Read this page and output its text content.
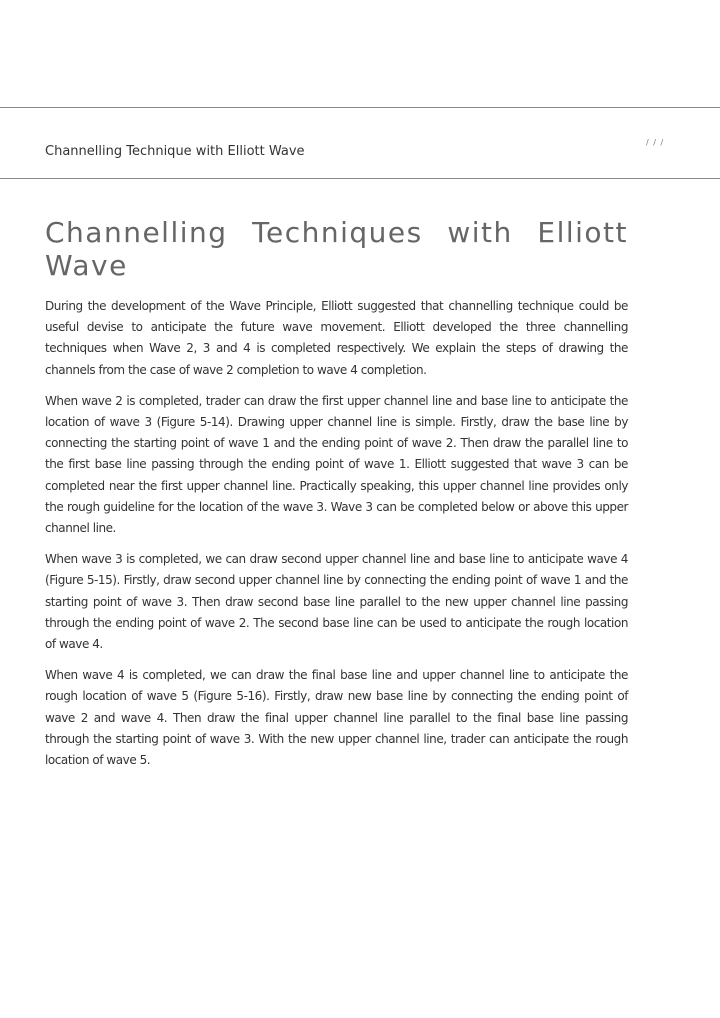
/ / /
Channelling Technique with Elliott Wave
Channelling Techniques with Elliott Wave

During the development of the Wave Principle, Elliott suggested that channelling technique could be useful devise to anticipate the future wave movement. Elliott developed the three channelling techniques when Wave 2, 3 and 4 is completed respectively. We explain the steps of drawing the channels from the case of wave 2 completion to wave 4 completion.

When wave 2 is completed, trader can draw the first upper channel line and base line to anticipate the location of wave 3 (Figure 5-14). Drawing upper channel line is simple. Firstly, draw the base line by connecting the starting point of wave 1 and the ending point of wave 2. Then draw the parallel line to the first base line passing through the ending point of wave 1. Elliott suggested that wave 3 can be completed near the first upper channel line. Practically speaking, this upper channel line provides only the rough guideline for the location of the wave 3. Wave 3 can be completed below or above this upper channel line.

When wave 3 is completed, we can draw second upper channel line and base line to anticipate wave 4 (Figure 5-15). Firstly, draw second upper channel line by connecting the ending point of wave 1 and the starting point of wave 3. Then draw second base line parallel to the new upper channel line passing through the ending point of wave 2. The second base line can be used to anticipate the rough location of wave 4.

When wave 4 is completed, we can draw the final base line and upper channel line to anticipate the rough location of wave 5 (Figure 5-16). Firstly, draw new base line by connecting the ending point of wave 2 and wave 4. Then draw the final upper channel line parallel to the final base line passing through the starting point of wave 3. With the new upper channel line, trader can anticipate the rough location of wave 5.
